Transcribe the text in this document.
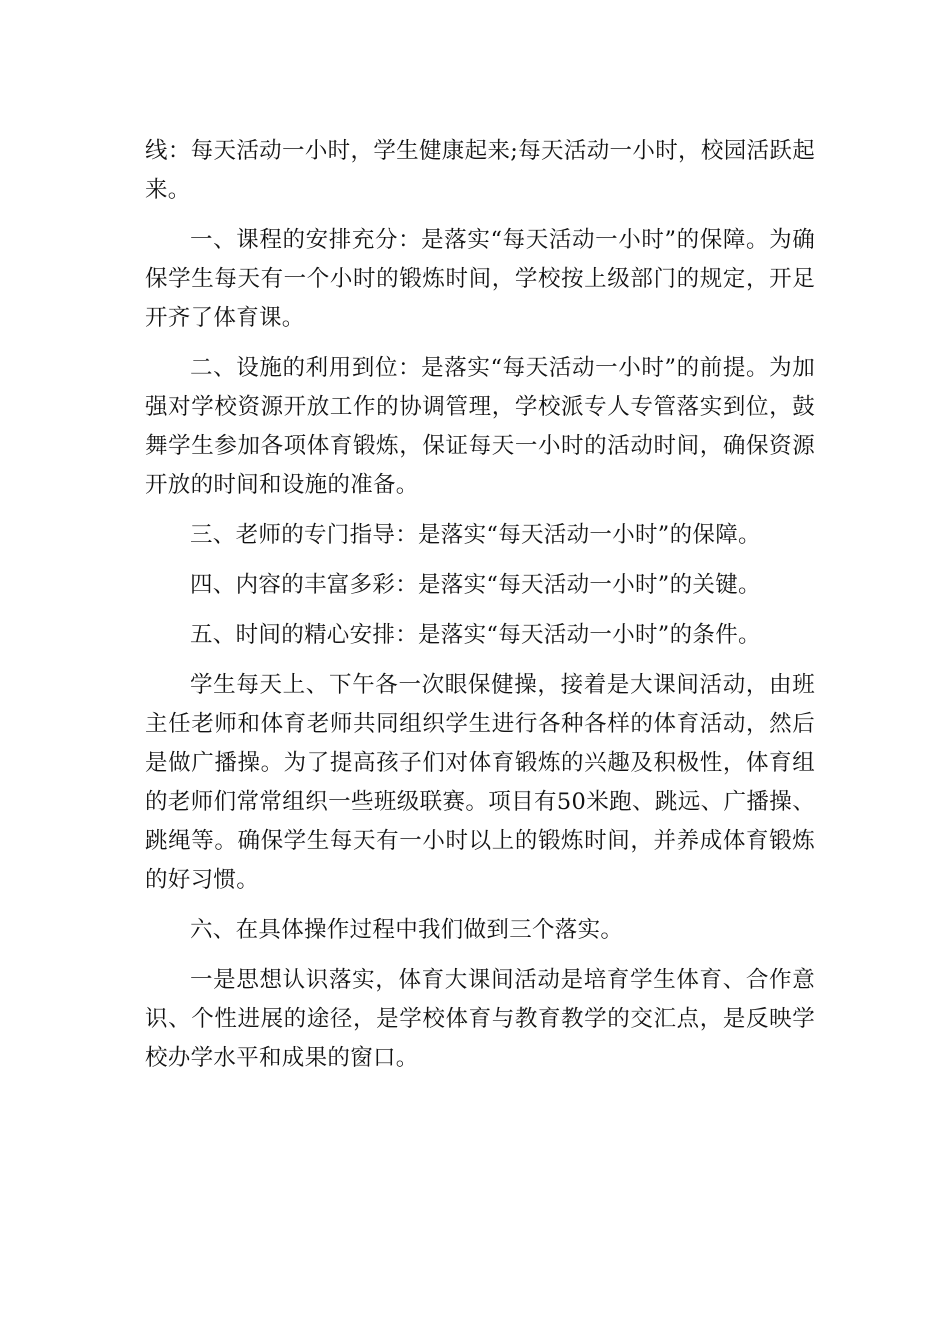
线：每天活动一小时，学生健康起来;每天活动一小时，校园活跃起来。

一、课程的安排充分：是落实“每天活动一小时”的保障。为确保学生每天有一个小时的锻炼时间，学校按上级部门的规定，开足开齐了体育课。

二、设施的利用到位：是落实“每天活动一小时”的前提。为加强对学校资源开放工作的协调管理，学校派专人专管落实到位，鼓舞学生参加各项体育锻炼，保证每天一小时的活动时间，确保资源开放的时间和设施的准备。

三、老师的专门指导：是落实“每天活动一小时”的保障。

四、内容的丰富多彩：是落实“每天活动一小时”的关键。

五、时间的精心安排：是落实“每天活动一小时”的条件。

学生每天上、下午各一次眼保健操，接着是大课间活动，由班主任老师和体育老师共同组织学生进行各种各样的体育活动，然后是做广播操。为了提高孩子们对体育锻炼的兴趣及积极性，体育组的老师们常常组织一些班级联赛。项目有50米跑、跳远、广播操、跳绳等。确保学生每天有一小时以上的锻炼时间，并养成体育锻炼的好习惯。

六、在具体操作过程中我们做到三个落实。

一是思想认识落实，体育大课间活动是培育学生体育、合作意识、个性进展的途径，是学校体育与教育教学的交汇点，是反映学校办学水平和成果的窗口。
